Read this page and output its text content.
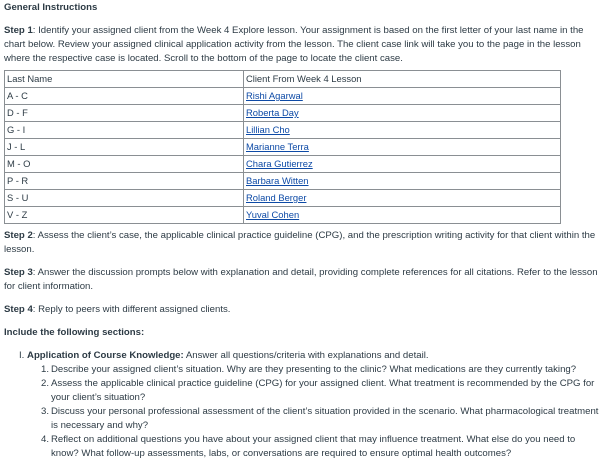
General Instructions

Step 1: Identify your assigned client from the Week 4 Explore lesson. Your assignment is based on the first letter of your last name in the chart below. Review your assigned clinical application activity from the lesson. The client case link will take you to the page in the lesson where the respective case is located. Scroll to the bottom of the page to locate the client case.

Last Name	Client From Week 4 Lesson
A - C	Rishi Agarwal
D - F	Roberta Day
G - I	Lillian Cho
J - L	Marianne Terra
M - O	Chara Gutierrez
P - R	Barbara Witten
S - U	Roland Berger
V - Z	Yuval Cohen

Step 2: Assess the client’s case, the applicable clinical practice guideline (CPG), and the prescription writing activity for that client within the lesson.

Step 3: Answer the discussion prompts below with explanation and detail, providing complete references for all citations. Refer to the lesson for client information.

Step 4: Reply to peers with different assigned clients.

Include the following sections:

I. Application of Course Knowledge: Answer all questions/criteria with explanations and detail.

1. Describe your assigned client’s situation. Why are they presenting to the clinic? What medications are they currently taking?
2. Assess the applicable clinical practice guideline (CPG) for your assigned client. What treatment is recommended by the CPG for your client’s situation?
3. Discuss your personal professional assessment of the client’s situation provided in the scenario. What pharmacological treatment is necessary and why?
4. Reflect on additional questions you have about your assigned client that may influence treatment. What else do you need to know? What follow-up assessments, labs, or conversations are required to ensure optimal health outcomes?
